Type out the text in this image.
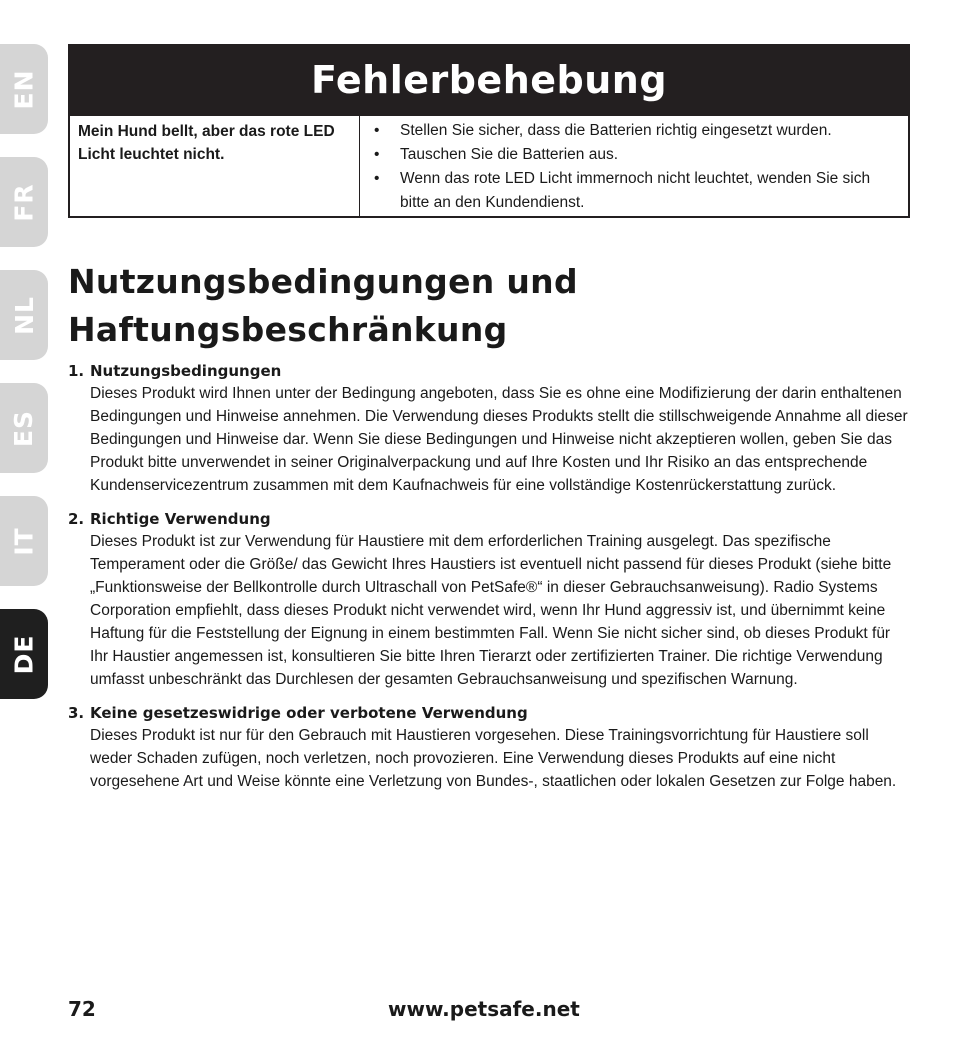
EN
FR
NL
ES
IT
DE
Fehlerbehebung
Mein Hund bellt, aber das rote LED Licht leuchtet nicht.
• Stellen Sie sicher, dass die Batterien richtig eingesetzt wurden.
• Tauschen Sie die Batterien aus.
• Wenn das rote LED Licht immernoch nicht leuchtet, wenden Sie sich bitte an den Kundendienst.
Nutzungsbedingungen und
Haftungsbeschränkung
1. Nutzungsbedingungen

Dieses Produkt wird Ihnen unter der Bedingung angeboten, dass Sie es ohne eine Modifizierung der darin enthaltenen Bedingungen und Hinweise annehmen. Die Verwendung dieses Produkts stellt die stillschweigende Annahme all dieser Bedingungen und Hinweise dar. Wenn Sie diese Bedingungen und Hinweise nicht akzeptieren wollen, geben Sie das Produkt bitte unverwendet in seiner Originalverpackung und auf Ihre Kosten und Ihr Risiko an das entsprechende Kundenservicezentrum zusammen mit dem Kaufnachweis für eine vollständige Kostenrückerstattung zurück.

2. Richtige Verwendung

Dieses Produkt ist zur Verwendung für Haustiere mit dem erforderlichen Training ausgelegt. Das spezifische Temperament oder die Größe/ das Gewicht Ihres Haustiers ist eventuell nicht passend für dieses Produkt (siehe bitte „Funktionsweise der Bellkontrolle durch Ultraschall von PetSafe®“ in dieser Gebrauchsanweisung). Radio Systems Corporation empfiehlt, dass dieses Produkt nicht verwendet wird, wenn Ihr Hund aggressiv ist, und übernimmt keine Haftung für die Feststellung der Eignung in einem bestimmten Fall. Wenn Sie nicht sicher sind, ob dieses Produkt für Ihr Haustier angemessen ist, konsultieren Sie bitte Ihren Tierarzt oder zertifizierten Trainer. Die richtige Verwendung umfasst unbeschränkt das Durchlesen der gesamten Gebrauchsanweisung und spezifischen Warnung.

3. Keine gesetzeswidrige oder verbotene Verwendung

Dieses Produkt ist nur für den Gebrauch mit Haustieren vorgesehen. Diese Trainingsvorrichtung für Haustiere soll weder Schaden zufügen, noch verletzen, noch provozieren. Eine Verwendung dieses Produkts auf eine nicht vorgesehene Art und Weise könnte eine Verletzung von Bundes-, staatlichen oder lokalen Gesetzen zur Folge haben.

72	www.petsafe.net
